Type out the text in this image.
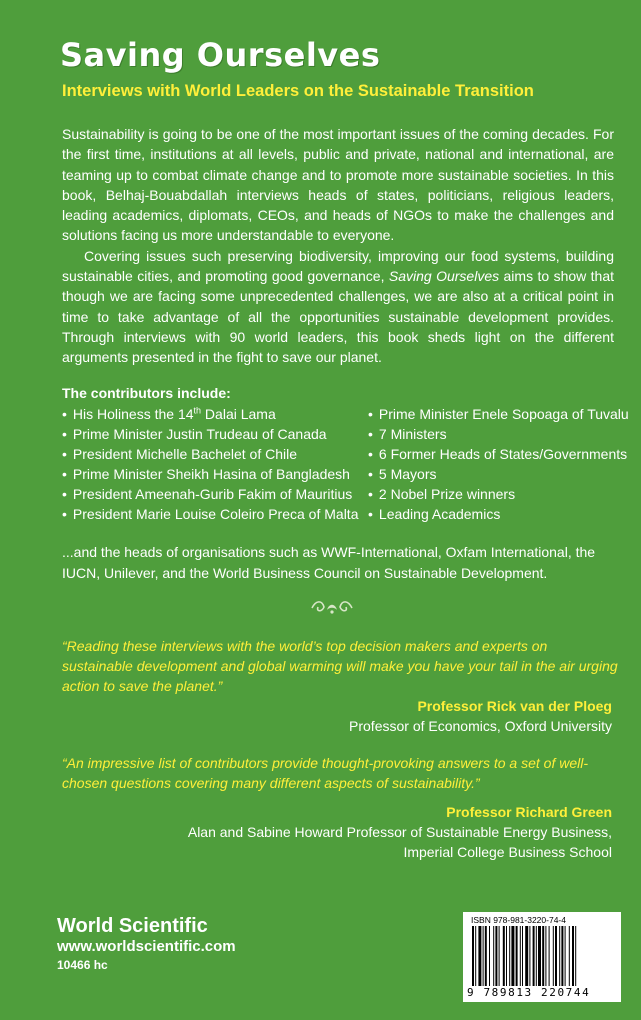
Saving Ourselves
Interviews with World Leaders on the Sustainable Transition

Sustainability is going to be one of the most important issues of the coming decades. For the first time, institutions at all levels, public and private, national and international, are teaming up to combat climate change and to promote more sustainable societies. In this book, Belhaj-Bouabdallah interviews heads of states, politicians, religious leaders, leading academics, diplomats, CEOs, and heads of NGOs to make the challenges and solutions facing us more understandable to everyone.

Covering issues such preserving biodiversity, improving our food systems, building sustainable cities, and promoting good governance, Saving Ourselves aims to show that though we are facing some unprecedented challenges, we are also at a critical point in time to take advantage of all the opportunities sustainable development provides. Through interviews with 90 world leaders, this book sheds light on the different arguments presented in the fight to save our planet.

The contributors include:
• His Holiness the 14th Dalai Lama
• Prime Minister Justin Trudeau of Canada
• President Michelle Bachelet of Chile
• Prime Minister Sheikh Hasina of Bangladesh
• President Ameenah-Gurib Fakim of Mauritius
• President Marie Louise Coleiro Preca of Malta
• Prime Minister Enele Sopoaga of Tuvalu
• 7 Ministers
• 6 Former Heads of States/Governments
• 5 Mayors
• 2 Nobel Prize winners
• Leading Academics
...and the heads of organisations such as WWF-International, Oxfam International, the IUCN, Unilever, and the World Business Council on Sustainable Development.

“Reading these interviews with the world’s top decision makers and experts on sustainable development and global warming will make you have your tail in the air urging action to save the planet.”

Professor Rick van der Ploeg
Professor of Economics, Oxford University

“An impressive list of contributors provide thought-provoking answers to a set of well-chosen questions covering many different aspects of sustainability.”

Professor Richard Green
Alan and Sabine Howard Professor of Sustainable Energy Business,
Imperial College Business School
World Scientific
www.worldscientific.com
10466 hc
ISBN 978-981-3220-74-4
9 789813 220744
